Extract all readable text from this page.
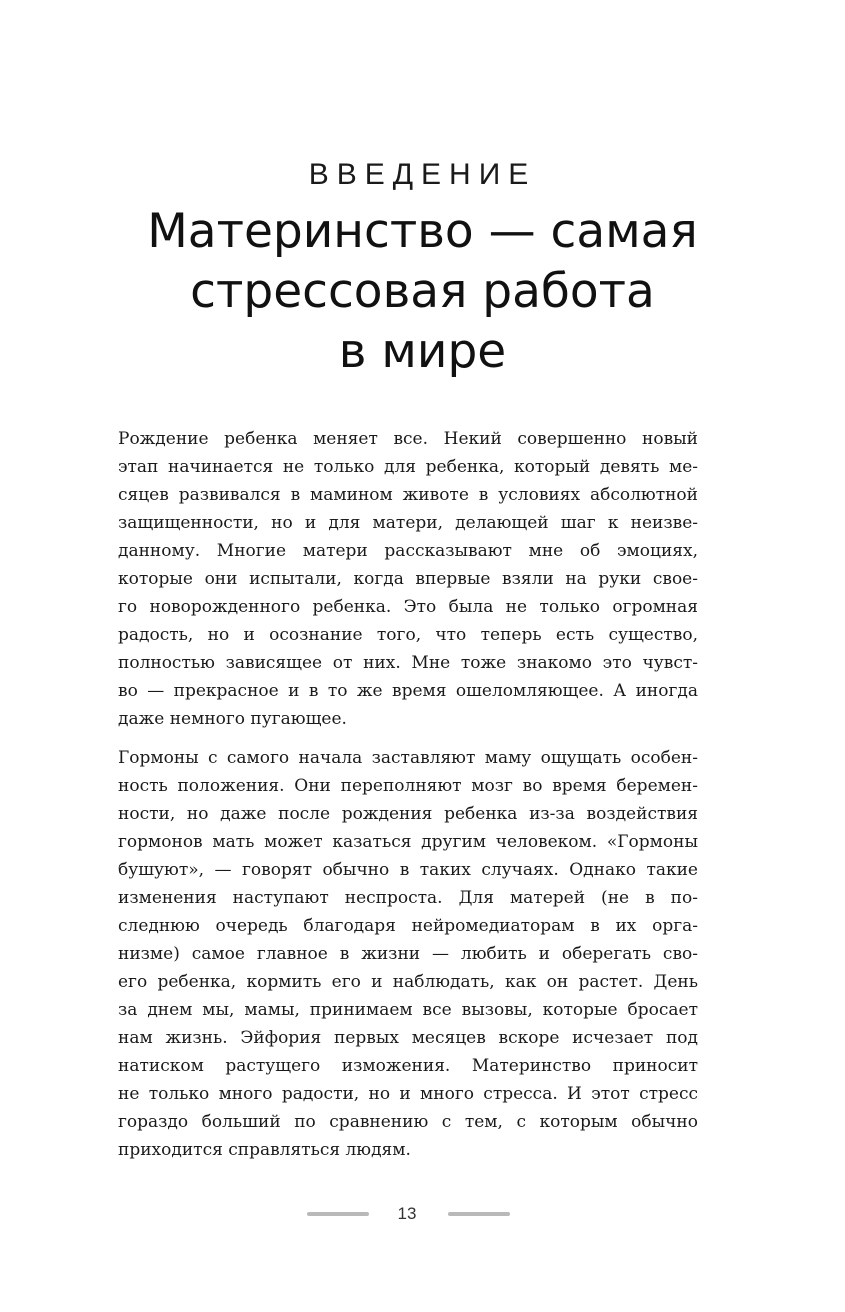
ВВЕДЕНИЕ
Материнство — самая
стрессовая работа
в мире
Рождение ребенка меняет все. Некий совершенно новый
этап начинается не только для ребенка, который девять ме-
сяцев развивался в мамином животе в условиях абсолютной
защищенности, но и для матери, делающей шаг к неизве-
данному. Многие матери рассказывают мне об эмоциях,
которые они испытали, когда впервые взяли на руки свое-
го новорожденного ребенка. Это была не только огромная
радость, но и осознание того, что теперь есть существо,
полностью зависящее от них. Мне тоже знакомо это чувст-
во — прекрасное и в то же время ошеломляющее. А иногда
даже немного пугающее.
Гормоны с самого начала заставляют маму ощущать особен-
ность положения. Они переполняют мозг во время беремен-
ности, но даже после рождения ребенка из-за воздействия
гормонов мать может казаться другим человеком. «Гормоны
бушуют», — говорят обычно в таких случаях. Однако такие
изменения наступают неспроста. Для матерей (не в по-
следнюю очередь благодаря нейромедиаторам в их орга-
низме) самое главное в жизни — любить и оберегать сво-
его ребенка, кормить его и наблюдать, как он растет. День
за днем мы, мамы, принимаем все вызовы, которые бросает
нам жизнь. Эйфория первых месяцев вскоре исчезает под
натиском растущего изможения. Материнство приносит
не только много радости, но и много стресса. И этот стресс
гораздо больший по сравнению с тем, с которым обычно
приходится справляться людям.
13
